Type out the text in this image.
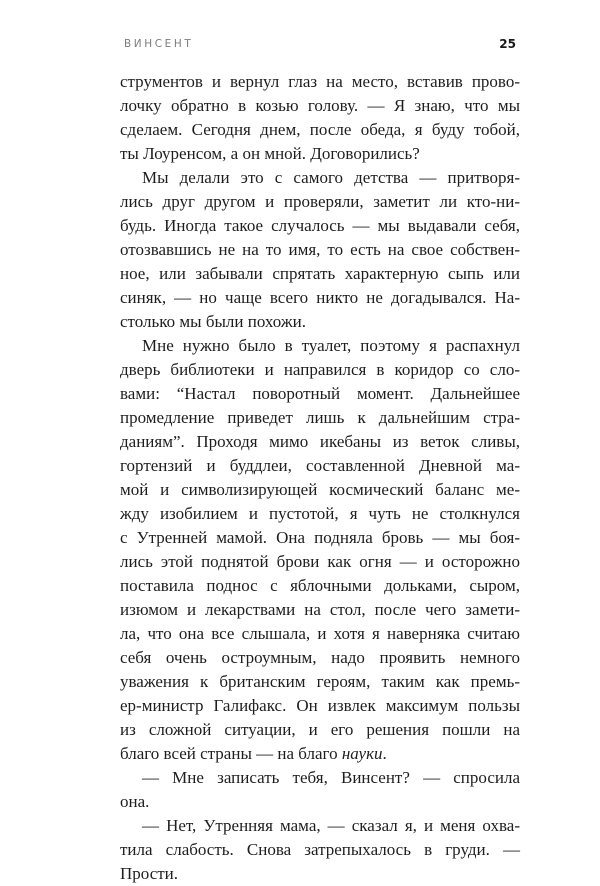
ВИНСЕНТ	25

струментов и вернул глаз на место, вставив прово-
лочку обратно в козью голову. — Я знаю, что мы
сделаем. Сегодня днем, после обеда, я буду тобой,
ты Лоуренсом, а он мной. Договорились?

Мы делали это с самого детства — притворя-
лись друг другом и проверяли, заметит ли кто-ни-
будь. Иногда такое случалось — мы выдавали себя,
отозвавшись не на то имя, то есть на свое собствен-
ное, или забывали спрятать характерную сыпь или
синяк, — но чаще всего никто не догадывался. На-
столько мы были похожи.

Мне нужно было в туалет, поэтому я распахнул
дверь библиотеки и направился в коридор со сло-
вами: “Настал поворотный момент. Дальнейшее
промедление приведет лишь к дальнейшим стра-
даниям”. Проходя мимо икебаны из веток сливы,
гортензий и буддлеи, составленной Дневной ма-
мой и символизирующей космический баланс ме-
жду изобилием и пустотой, я чуть не столкнулся
с Утренней мамой. Она подняла бровь — мы боя-
лись этой поднятой брови как огня — и осторожно
поставила поднос с яблочными дольками, сыром,
изюмом и лекарствами на стол, после чего замети-
ла, что она все слышала, и хотя я наверняка считаю
себя очень остроумным, надо проявить немного
уважения к британским героям, таким как премь-
ер-министр Галифакс. Он извлек максимум пользы
из сложной ситуации, и его решения пошли на
благо всей страны — на благо науки.

— Мне записать тебя, Винсент? — спросила
она.

— Нет, Утренняя мама, — сказал я, и меня охва-
тила слабость. Снова затрепыхалось в груди. —
Прости.
